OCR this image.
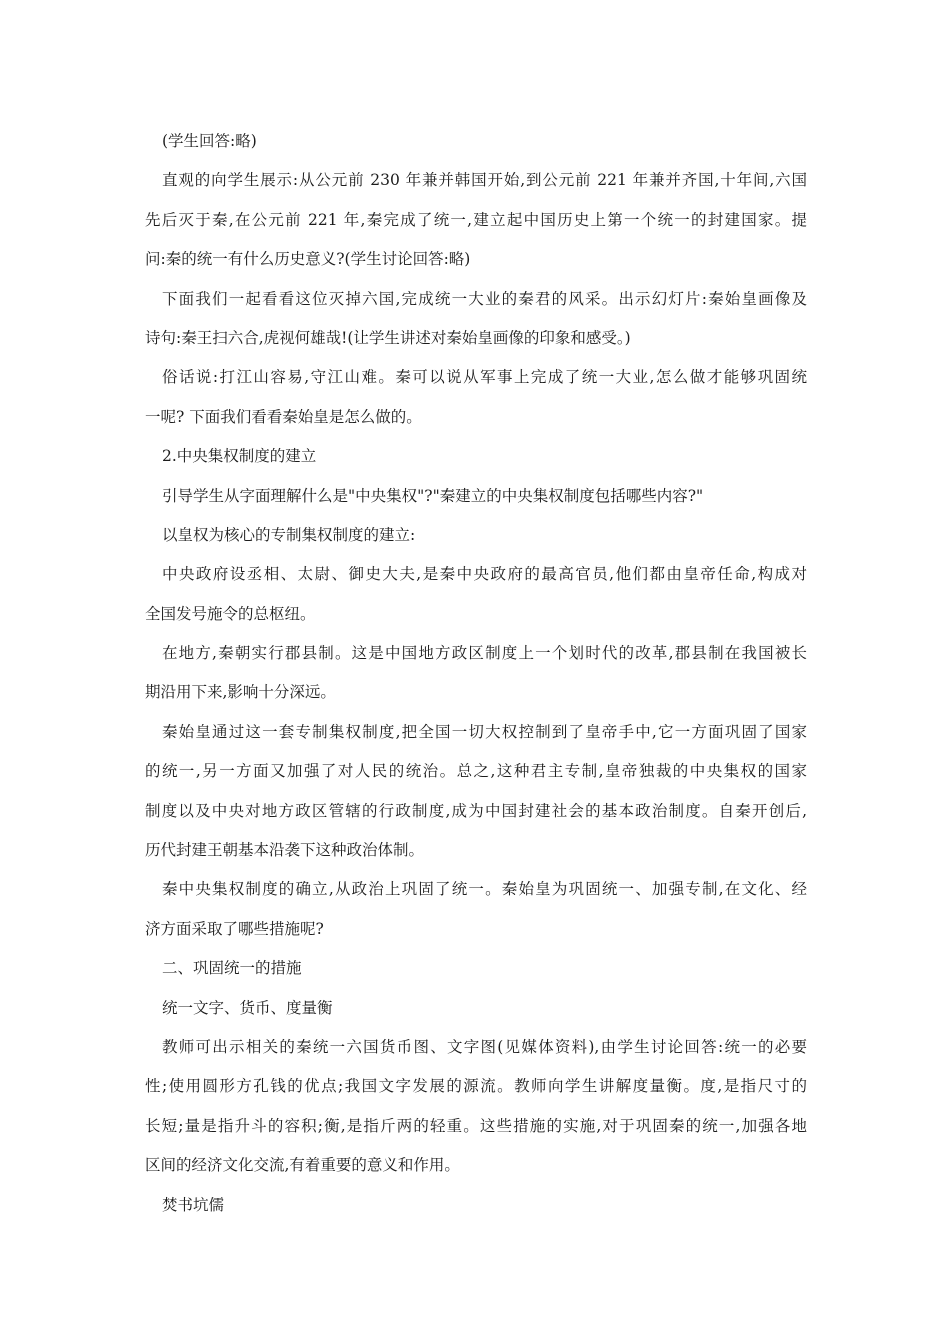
(学生回答:略)
直观的向学生展示:从公元前 230 年兼并韩国开始,到公元前 221 年兼并齐国,十年间,六国
先后灭于秦,在公元前 221 年,秦完成了统一,建立起中国历史上第一个统一的封建国家。提
问:秦的统一有什么历史意义?(学生讨论回答:略)
下面我们一起看看这位灭掉六国,完成统一大业的秦君的风采。出示幻灯片:秦始皇画像及
诗句:秦王扫六合,虎视何雄哉!(让学生讲述对秦始皇画像的印象和感受。)
俗话说:打江山容易,守江山难。秦可以说从军事上完成了统一大业,怎么做才能够巩固统
一呢? 下面我们看看秦始皇是怎么做的。
2.中央集权制度的建立
引导学生从字面理解什么是"中央集权"?"秦建立的中央集权制度包括哪些内容?"
以皇权为核心的专制集权制度的建立:
中央政府设丞相、太尉、御史大夫,是秦中央政府的最高官员,他们都由皇帝任命,构成对
全国发号施令的总枢纽。
在地方,秦朝实行郡县制。这是中国地方政区制度上一个划时代的改革,郡县制在我国被长
期沿用下来,影响十分深远。
秦始皇通过这一套专制集权制度,把全国一切大权控制到了皇帝手中,它一方面巩固了国家
的统一,另一方面又加强了对人民的统治。总之,这种君主专制,皇帝独裁的中央集权的国家
制度以及中央对地方政区管辖的行政制度,成为中国封建社会的基本政治制度。自秦开创后,
历代封建王朝基本沿袭下这种政治体制。
秦中央集权制度的确立,从政治上巩固了统一。秦始皇为巩固统一、加强专制,在文化、经
济方面采取了哪些措施呢?
二、巩固统一的措施
统一文字、货币、度量衡
教师可出示相关的秦统一六国货币图、文字图(见媒体资料),由学生讨论回答:统一的必要
性;使用圆形方孔钱的优点;我国文字发展的源流。教师向学生讲解度量衡。度,是指尺寸的
长短;量是指升斗的容积;衡,是指斤两的轻重。这些措施的实施,对于巩固秦的统一,加强各地
区间的经济文化交流,有着重要的意义和作用。
焚书坑儒
